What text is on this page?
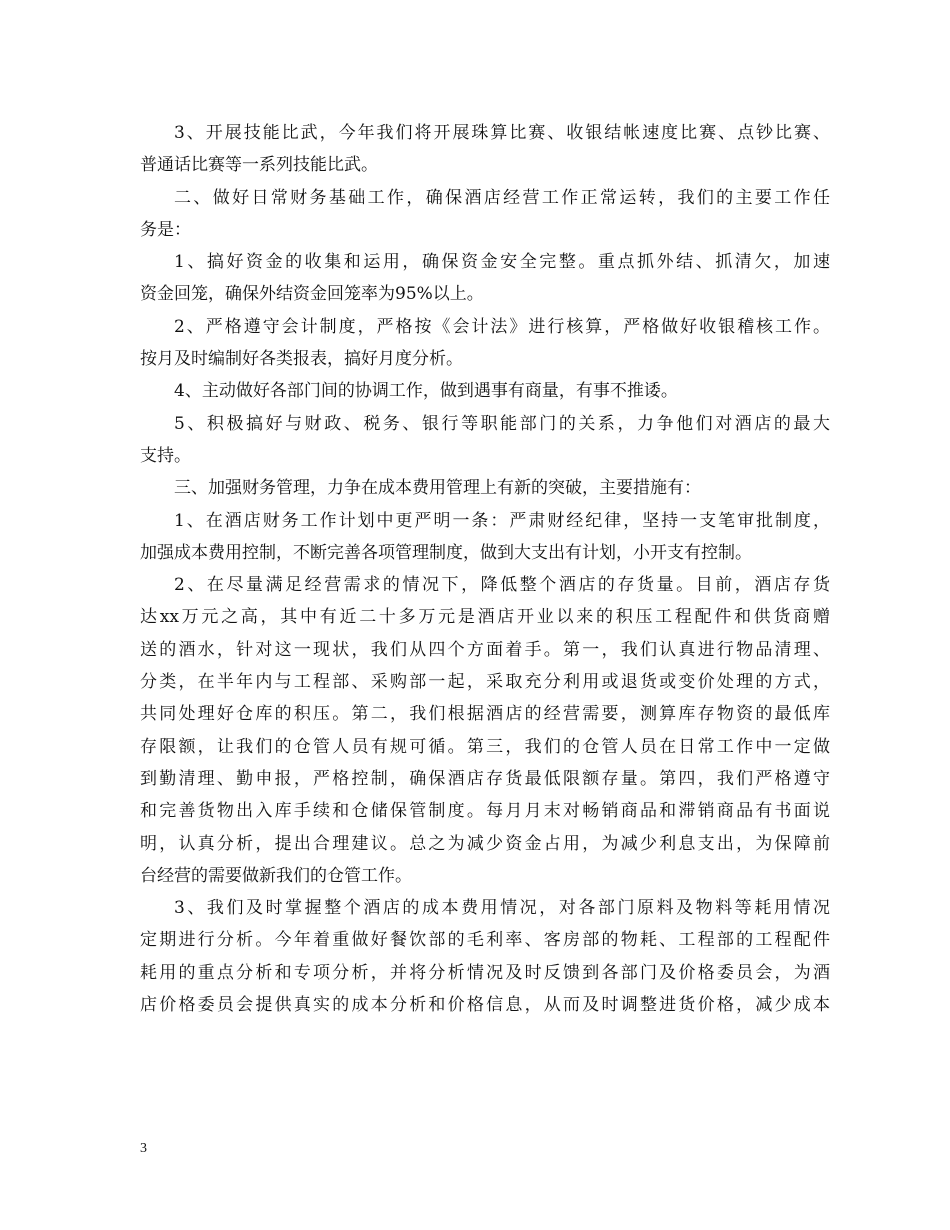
3、开展技能比武，今年我们将开展珠算比赛、收银结帐速度比赛、点钞比赛、
普通话比赛等一系列技能比武。
二、做好日常财务基础工作，确保酒店经营工作正常运转，我们的主要工作任
务是：
1、搞好资金的收集和运用，确保资金安全完整。重点抓外结、抓清欠，加速
资金回笼，确保外结资金回笼率为95%以上。
2、严格遵守会计制度，严格按《会计法》进行核算，严格做好收银稽核工作。
按月及时编制好各类报表，搞好月度分析。
4、主动做好各部门间的协调工作，做到遇事有商量，有事不推诿。
5、积极搞好与财政、税务、银行等职能部门的关系，力争他们对酒店的最大
支持。
三、加强财务管理，力争在成本费用管理上有新的突破，主要措施有：
1、在酒店财务工作计划中更严明一条：严肃财经纪律，坚持一支笔审批制度，
加强成本费用控制，不断完善各项管理制度，做到大支出有计划，小开支有控制。
2、在尽量满足经营需求的情况下，降低整个酒店的存货量。目前，酒店存货
达xx万元之高，其中有近二十多万元是酒店开业以来的积压工程配件和供货商赠
送的酒水，针对这一现状，我们从四个方面着手。第一，我们认真进行物品清理、
分类，在半年内与工程部、采购部一起，采取充分利用或退货或变价处理的方式，
共同处理好仓库的积压。第二，我们根据酒店的经营需要，测算库存物资的最低库
存限额，让我们的仓管人员有规可循。第三，我们的仓管人员在日常工作中一定做
到勤清理、勤申报，严格控制，确保酒店存货最低限额存量。第四，我们严格遵守
和完善货物出入库手续和仓储保管制度。每月月末对畅销商品和滞销商品有书面说
明，认真分析，提出合理建议。总之为减少资金占用，为减少利息支出，为保障前
台经营的需要做新我们的仓管工作。
3、我们及时掌握整个酒店的成本费用情况，对各部门原料及物料等耗用情况
定期进行分析。今年着重做好餐饮部的毛利率、客房部的物耗、工程部的工程配件
耗用的重点分析和专项分析，并将分析情况及时反馈到各部门及价格委员会，为酒
店价格委员会提供真实的成本分析和价格信息，从而及时调整进货价格，减少成本
3
